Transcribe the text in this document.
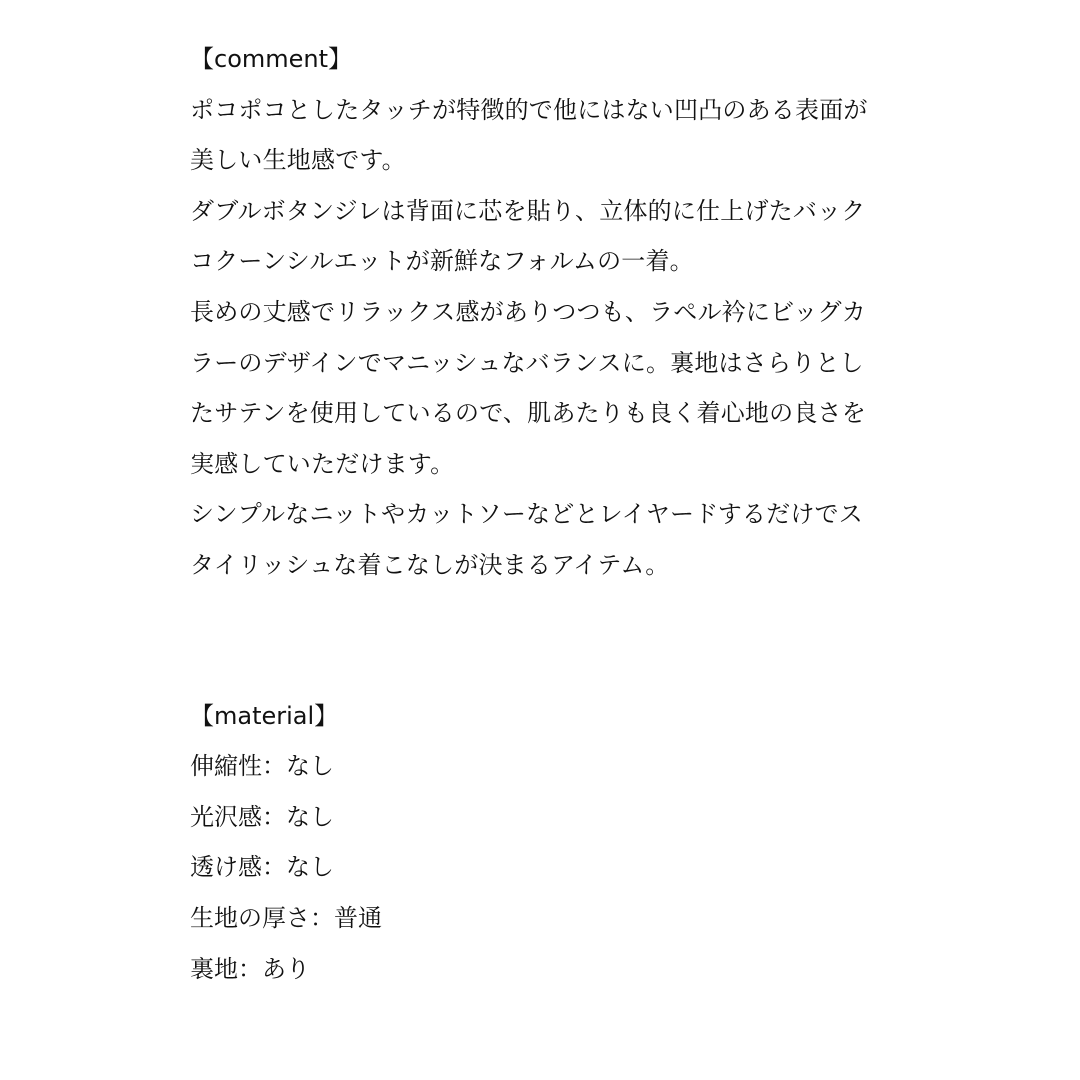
【comment】
ポコポコとしたタッチが特徴的で他にはない凹凸のある表面が
美しい生地感です。
ダブルボタンジレは背面に芯を貼り、立体的に仕上げたバック
コクーンシルエットが新鮮なフォルムの一着。
長めの丈感でリラックス感がありつつも、ラペル衿にビッグカ
ラーのデザインでマニッシュなバランスに。裏地はさらりとし
たサテンを使用しているので、肌あたりも良く着心地の良さを
実感していただけます。
シンプルなニットやカットソーなどとレイヤードするだけでス
タイリッシュな着こなしが決まるアイテム。
【material】
伸縮性：なし
光沢感：なし
透け感：なし
生地の厚さ：普通
裏地：あり
